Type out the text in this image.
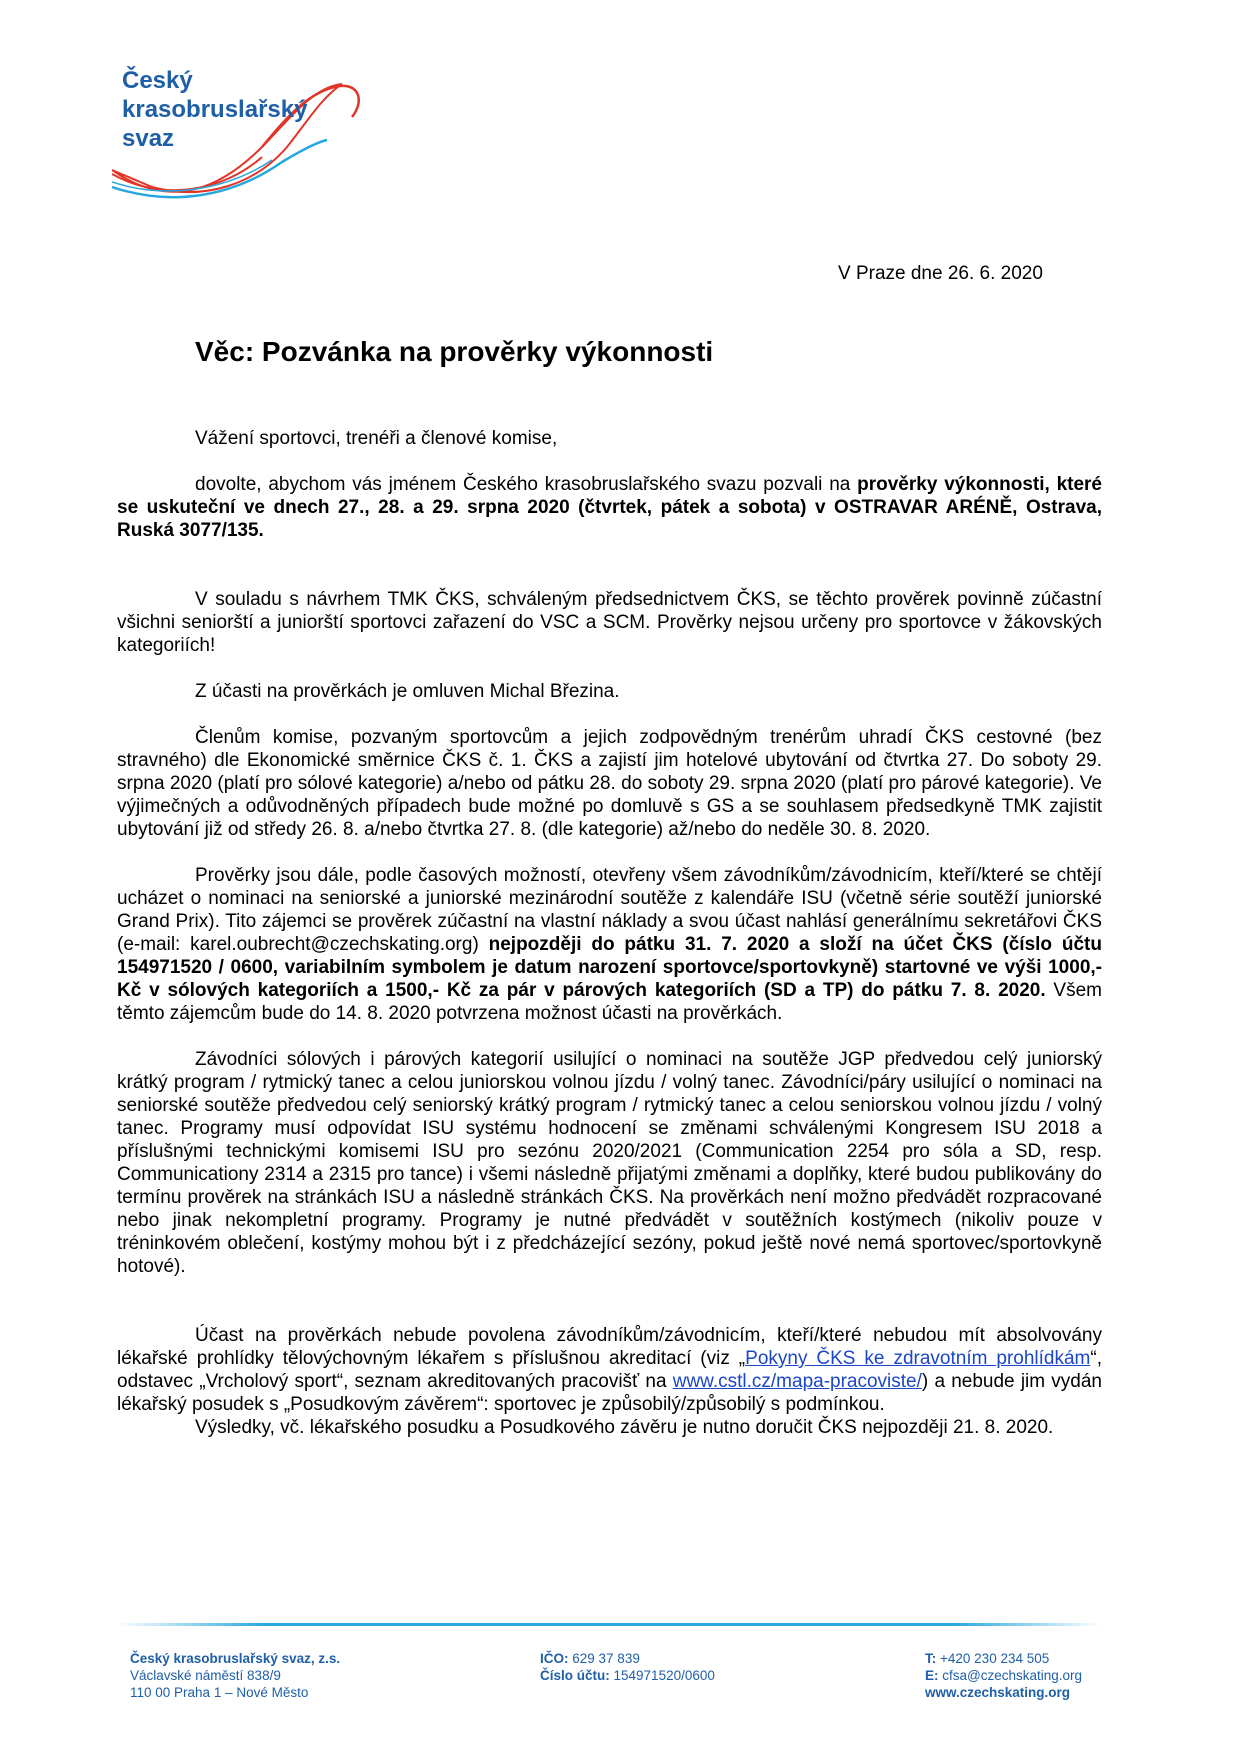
Český
krasobruslařský
svaz
V Praze dne 26. 6. 2020
Věc: Pozvánka na prověrky výkonnosti

Vážení sportovci, trenéři a členové komise,

dovolte, abychom vás jménem Českého krasobruslařského svazu pozvali na prověrky výkonnosti, které se uskuteční ve dnech 27., 28. a 29. srpna 2020 (čtvrtek, pátek a sobota) v OSTRAVAR ARÉNĚ, Ostrava, Ruská 3077/135.

V souladu s návrhem TMK ČKS, schváleným předsednictvem ČKS, se těchto prověrek povinně zúčastní všichni seniorští a juniorští sportovci zařazení do VSC a SCM. Prověrky nejsou určeny pro sportovce v žákovských kategoriích!

Z účasti na prověrkách je omluven Michal Březina.

Členům komise, pozvaným sportovcům a jejich zodpovědným trenérům uhradí ČKS cestovné (bez stravného) dle Ekonomické směrnice ČKS č. 1. ČKS a zajistí jim hotelové ubytování od čtvrtka 27. Do soboty 29. srpna 2020 (platí pro sólové kategorie) a/nebo od pátku 28. do soboty 29. srpna 2020 (platí pro párové kategorie). Ve výjimečných a odůvodněných případech bude možné po domluvě s GS a se souhlasem předsedkyně TMK zajistit ubytování již od středy 26. 8. a/nebo čtvrtka 27. 8. (dle kategorie) až/nebo do neděle 30. 8. 2020.

Prověrky jsou dále, podle časových možností, otevřeny všem závodníkům/závodnicím, kteří/které se chtějí ucházet o nominaci na seniorské a juniorské mezinárodní soutěže z kalendáře ISU (včetně série soutěží juniorské Grand Prix). Tito zájemci se prověrek zúčastní na vlastní náklady a svou účast nahlásí generálnímu sekretářovi ČKS (e-mail: karel.oubrecht@czechskating.org) nejpozději do pátku 31. 7. 2020 a složí na účet ČKS (číslo účtu 154971520 / 0600, variabilním symbolem je datum narození sportovce/sportovkyně) startovné ve výši 1000,- Kč v sólových kategoriích a 1500,- Kč za pár v párových kategoriích (SD a TP) do pátku 7. 8. 2020. Všem těmto zájemcům bude do 14. 8. 2020 potvrzena možnost účasti na prověrkách.

Závodníci sólových i párových kategorií usilující o nominaci na soutěže JGP předvedou celý juniorský krátký program / rytmický tanec a celou juniorskou volnou jízdu / volný tanec. Závodníci/páry usilující o nominaci na seniorské soutěže předvedou celý seniorský krátký program / rytmický tanec a celou seniorskou volnou jízdu / volný tanec. Programy musí odpovídat ISU systému hodnocení se změnami schválenými Kongresem ISU 2018 a příslušnými technickými komisemi ISU pro sezónu 2020/2021 (Communication 2254 pro sóla a SD, resp. Communicationy 2314 a 2315 pro tance) i všemi následně přijatými změnami a doplňky, které budou publikovány do termínu prověrek na stránkách ISU a následně stránkách ČKS. Na prověrkách není možno předvádět rozpracované nebo jinak nekompletní programy. Programy je nutné předvádět v soutěžních kostýmech (nikoliv pouze v tréninkovém oblečení, kostýmy mohou být i z předcházející sezóny, pokud ještě nové nemá sportovec/sportovkyně hotové).

Účast na prověrkách nebude povolena závodníkům/závodnicím, kteří/které nebudou mít absolvovány lékařské prohlídky tělovýchovným lékařem s příslušnou akreditací (viz „Pokyny ČKS ke zdravotním prohlídkám“, odstavec „Vrcholový sport“, seznam akreditovaných pracovišť na www.cstl.cz/mapa-pracoviste/) a nebude jim vydán lékařský posudek s „Posudkovým závěrem“: sportovec je způsobilý/způsobilý s podmínkou.

Výsledky, vč. lékařského posudku a Posudkového závěru je nutno doručit ČKS nejpozději 21. 8. 2020.

Český krasobruslařský svaz, z.s.
Václavské náměstí 838/9
110 00 Praha 1 – Nové Město
IČO: 629 37 839
Číslo účtu: 154971520/0600
T: +420 230 234 505
E: cfsa@czechskating.org
www.czechskating.org
